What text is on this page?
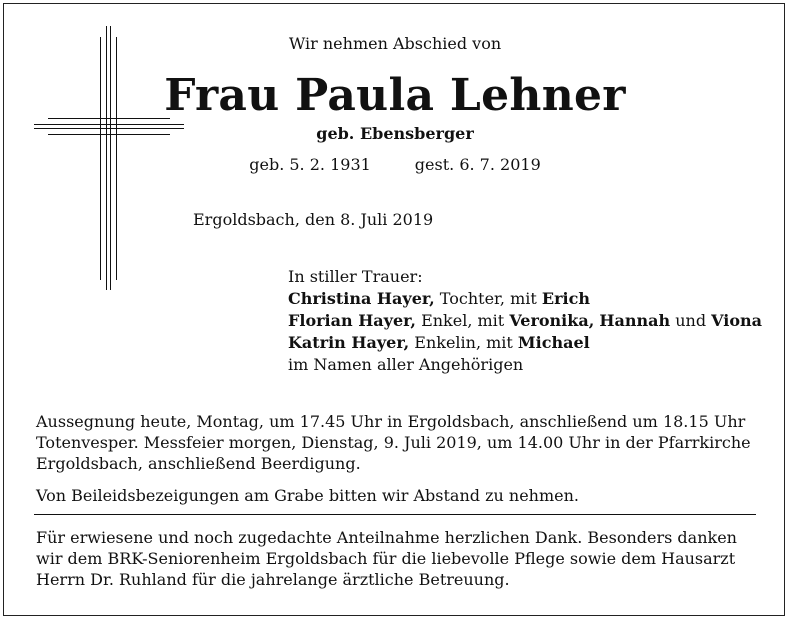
Wir nehmen Abschied von
Frau Paula Lehner
geb. Ebensberger
geb. 5. 2. 1931	gest. 6. 7. 2019
Ergoldsbach, den 8. Juli 2019
In stiller Trauer:
Christina Hayer, Tochter, mit Erich
Florian Hayer, Enkel, mit Veronika, Hannah und Viona
Katrin Hayer, Enkelin, mit Michael
im Namen aller Angehörigen
Aussegnung heute, Montag, um 17.45 Uhr in Ergoldsbach, anschließend um 18.15 Uhr Totenvesper. Messfeier morgen, Dienstag, 9. Juli 2019, um 14.00 Uhr in der Pfarrkirche Ergoldsbach, anschließend Beerdigung.
Von Beileidsbezeigungen am Grabe bitten wir Abstand zu nehmen.
Für erwiesene und noch zugedachte Anteilnahme herzlichen Dank. Besonders danken wir dem BRK-Seniorenheim Ergoldsbach für die liebevolle Pflege sowie dem Hausarzt Herrn Dr. Ruhland für die jahrelange ärztliche Betreuung.
